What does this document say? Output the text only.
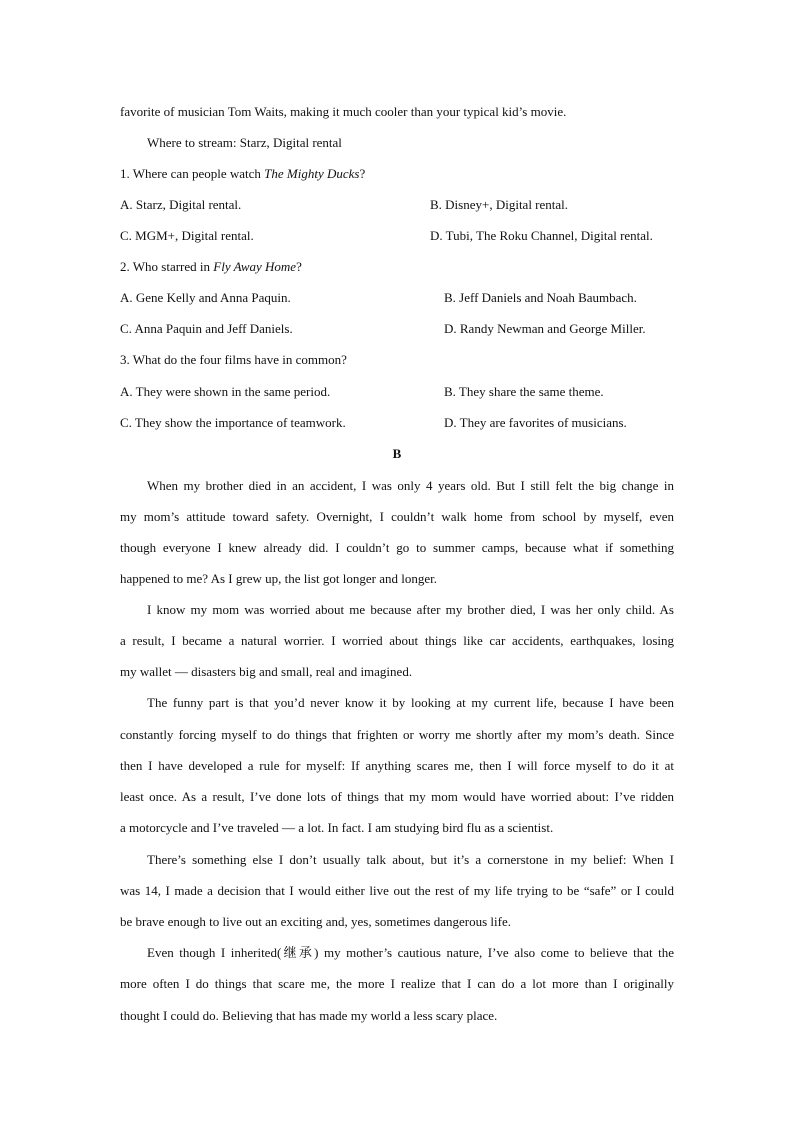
favorite of musician Tom Waits, making it much cooler than your typical kid’s movie.
Where to stream: Starz, Digital rental
1. Where can people watch The Mighty Ducks?
A. Starz, Digital rental.	B. Disney+, Digital rental.
C. MGM+, Digital rental.	D. Tubi, The Roku Channel, Digital rental.
2. Who starred in Fly Away Home?
A. Gene Kelly and Anna Paquin.	B. Jeff Daniels and Noah Baumbach.
C. Anna Paquin and Jeff Daniels.	D. Randy Newman and George Miller.
3. What do the four films have in common?
A. They were shown in the same period.	B. They share the same theme.
C. They show the importance of teamwork.	D. They are favorites of musicians.
B
When my brother died in an accident, I was only 4 years old. But I still felt the big change in
my mom’s attitude toward safety. Overnight, I couldn’t walk home from school by myself, even
though everyone I knew already did. I couldn’t go to summer camps, because what if something
happened to me? As I grew up, the list got longer and longer.
I know my mom was worried about me because after my brother died, I was her only child. As
a result, I became a natural worrier. I worried about things like car accidents, earthquakes, losing
my wallet — disasters big and small, real and imagined.
The funny part is that you’d never know it by looking at my current life, because I have been
constantly forcing myself to do things that frighten or worry me shortly after my mom’s death. Since
then I have developed a rule for myself: If anything scares me, then I will force myself to do it at
least once. As a result, I’ve done lots of things that my mom would have worried about: I’ve ridden
a motorcycle and I’ve traveled — a lot. In fact. I am studying bird flu as a scientist.
There’s something else I don’t usually talk about, but it’s a cornerstone in my belief: When I
was 14, I made a decision that I would either live out the rest of my life trying to be “safe” or I could
be brave enough to live out an exciting and, yes, sometimes dangerous life.
Even though I inherited(继承) my mother’s cautious nature, I’ve also come to believe that the
more often I do things that scare me, the more I realize that I can do a lot more than I originally
thought I could do. Believing that has made my world a less scary place.
